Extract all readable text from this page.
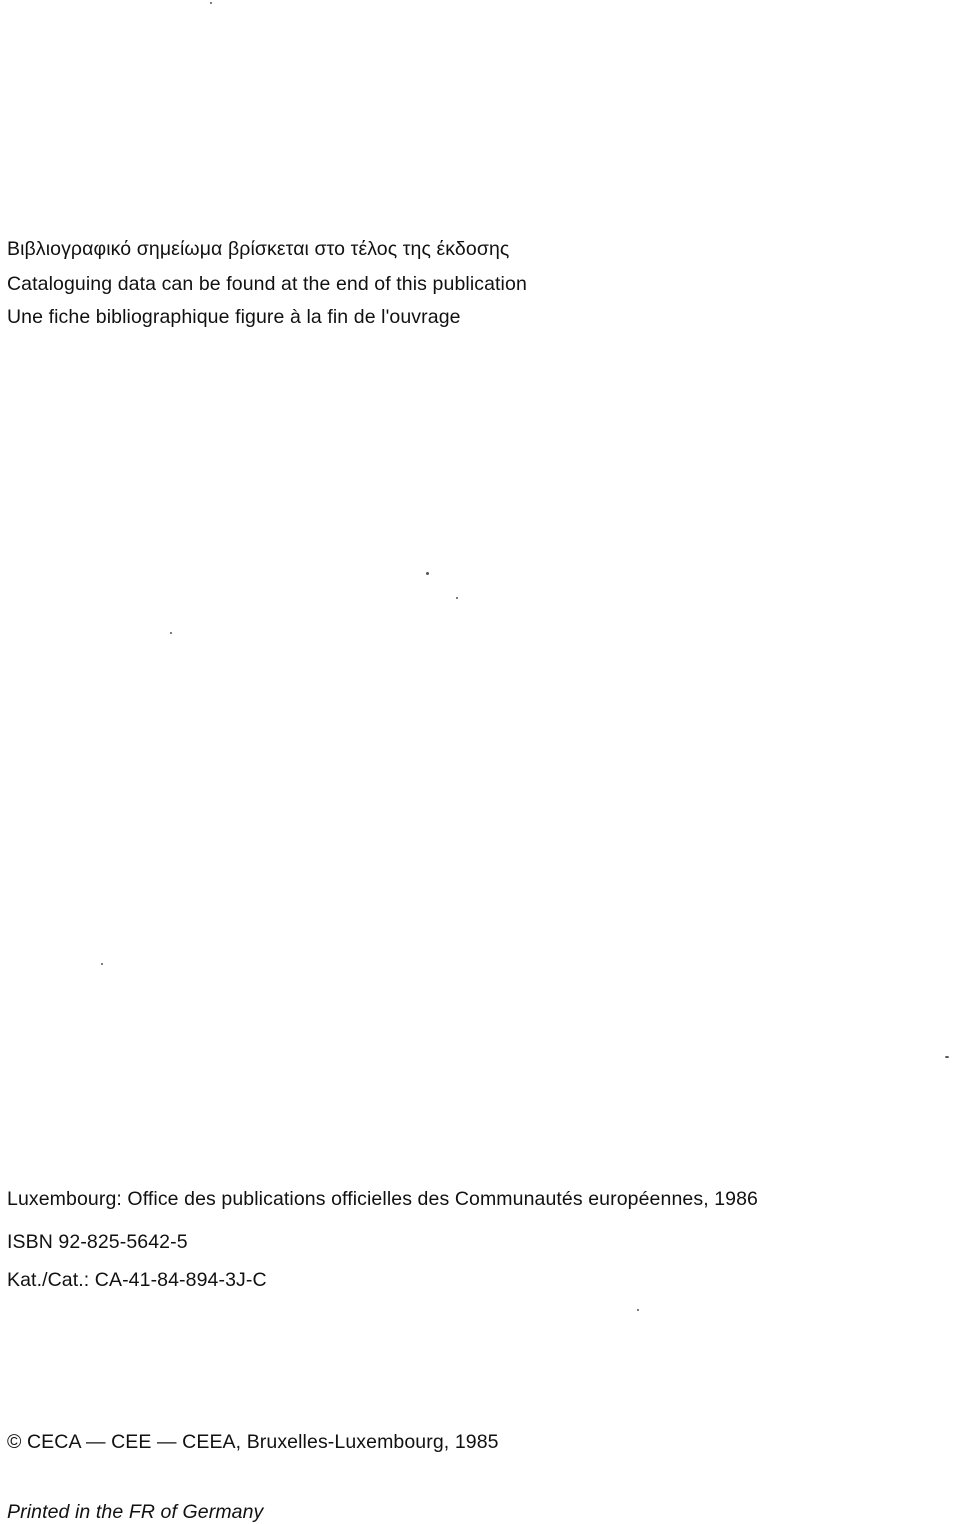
Βιβλιογραφικό σημείωμα βρίσκεται στο τέλος της έκδοσης
Cataloguing data can be found at the end of this publication
Une fiche bibliographique figure à la fin de l'ouvrage
Luxembourg: Office des publications officielles des Communautés européennes, 1986
ISBN 92-825-5642-5
Kat./Cat.: CA-41-84-894-3J-C
© CECA — CEE — CEEA, Bruxelles-Luxembourg, 1985
Printed in the FR of Germany
